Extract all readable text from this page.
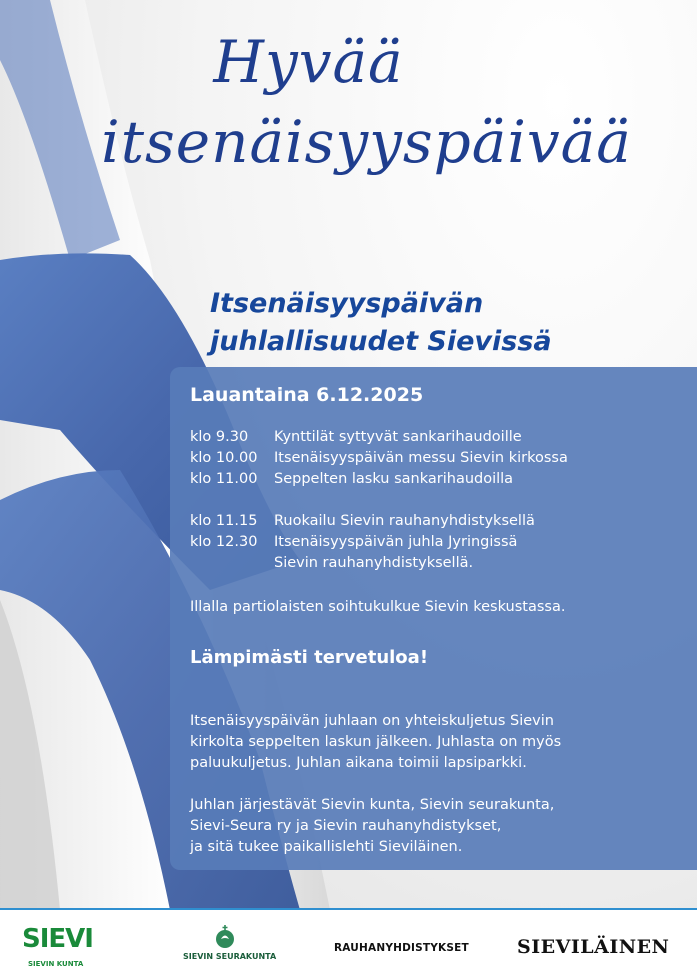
Hyvää
itsenäisyyspäivää
Itsenäisyyspäivän
juhlallisuudet Sievissä
Lauantaina 6.12.2025
klo 9.30 Kynttilät syttyvät sankarihaudoille
klo 10.00 Itsenäisyyspäivän messu Sievin kirkossa
klo 11.00 Seppelten lasku sankarihaudoilla
klo 11.15 Ruokailu Sievin rauhanyhdistyksellä
klo 12.30 Itsenäisyyspäivän juhla Jyringissä
Sievin rauhanyhdistyksellä.
Illalla partiolaisten soihtukulkue Sievin keskustassa.
Lämpimästi tervetuloa!
Itsenäisyyspäivän juhlaan on yhteiskuljetus Sievin
kirkolta seppelten laskun jälkeen. Juhlasta on myös
paluukuljetus. Juhlan aikana toimii lapsiparkki.
Juhlan järjestävät Sievin kunta, Sievin seurakunta,
Sievi-Seura ry ja Sievin rauhanyhdistykset,
ja sitä tukee paikallislehti Sieviläinen.
SIEVI
SIEVIN KUNTA
SIEVIN SEURAKUNTA
RAUHANYHDISTYKSET	SIEVILÄINEN
